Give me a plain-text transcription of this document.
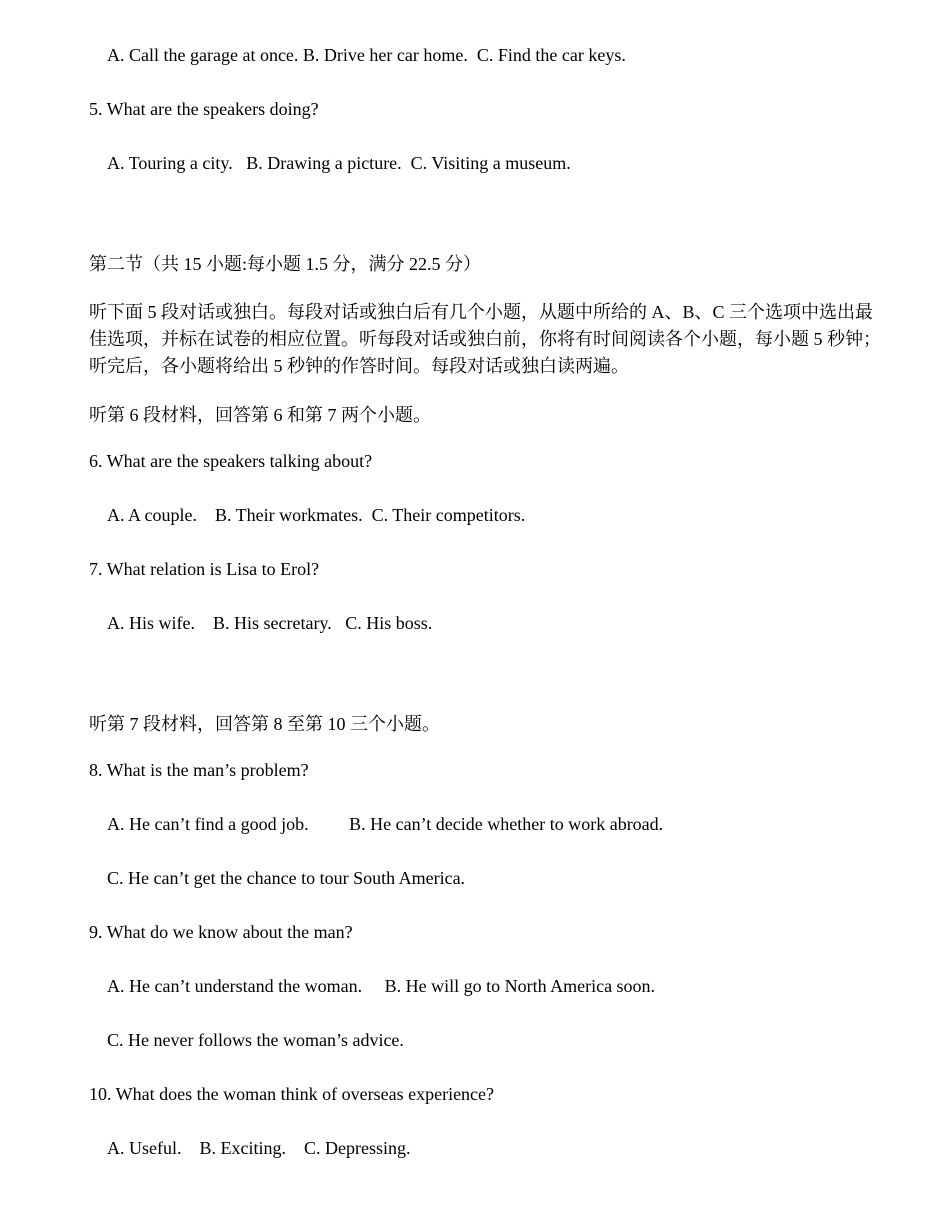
A. Call the garage at once. B. Drive her car home.  C. Find the car keys.
5. What are the speakers doing?
A. Touring a city.   B. Drawing a picture.  C. Visiting a museum.
第二节（共 15 小题:每小题 1.5 分，满分 22.5 分）
听下面 5 段对话或独白。每段对话或独白后有几个小题，从题中所给的 A、B、C 三个选项中选出最
佳选项，并标在试卷的相应位置。听每段对话或独白前，你将有时间阅读各个小题，每小题 5 秒钟；
听完后，各小题将给出 5 秒钟的作答时间。每段对话或独白读两遍。
听第 6 段材料，回答第 6 和第 7 两个小题。
6. What are the speakers talking about?
A. A couple.    B. Their workmates.  C. Their competitors.
7. What relation is Lisa to Erol?
A. His wife.    B. His secretary.   C. His boss.
听第 7 段材料，回答第 8 至第 10 三个小题。
8. What is the man’s problem?
A. He can’t find a good job.         B. He can’t decide whether to work abroad.
C. He can’t get the chance to tour South America.
9. What do we know about the man?
A. He can’t understand the woman.     B. He will go to North America soon.
C. He never follows the woman’s advice.
10. What does the woman think of overseas experience?
A. Useful.    B. Exciting.    C. Depressing.
